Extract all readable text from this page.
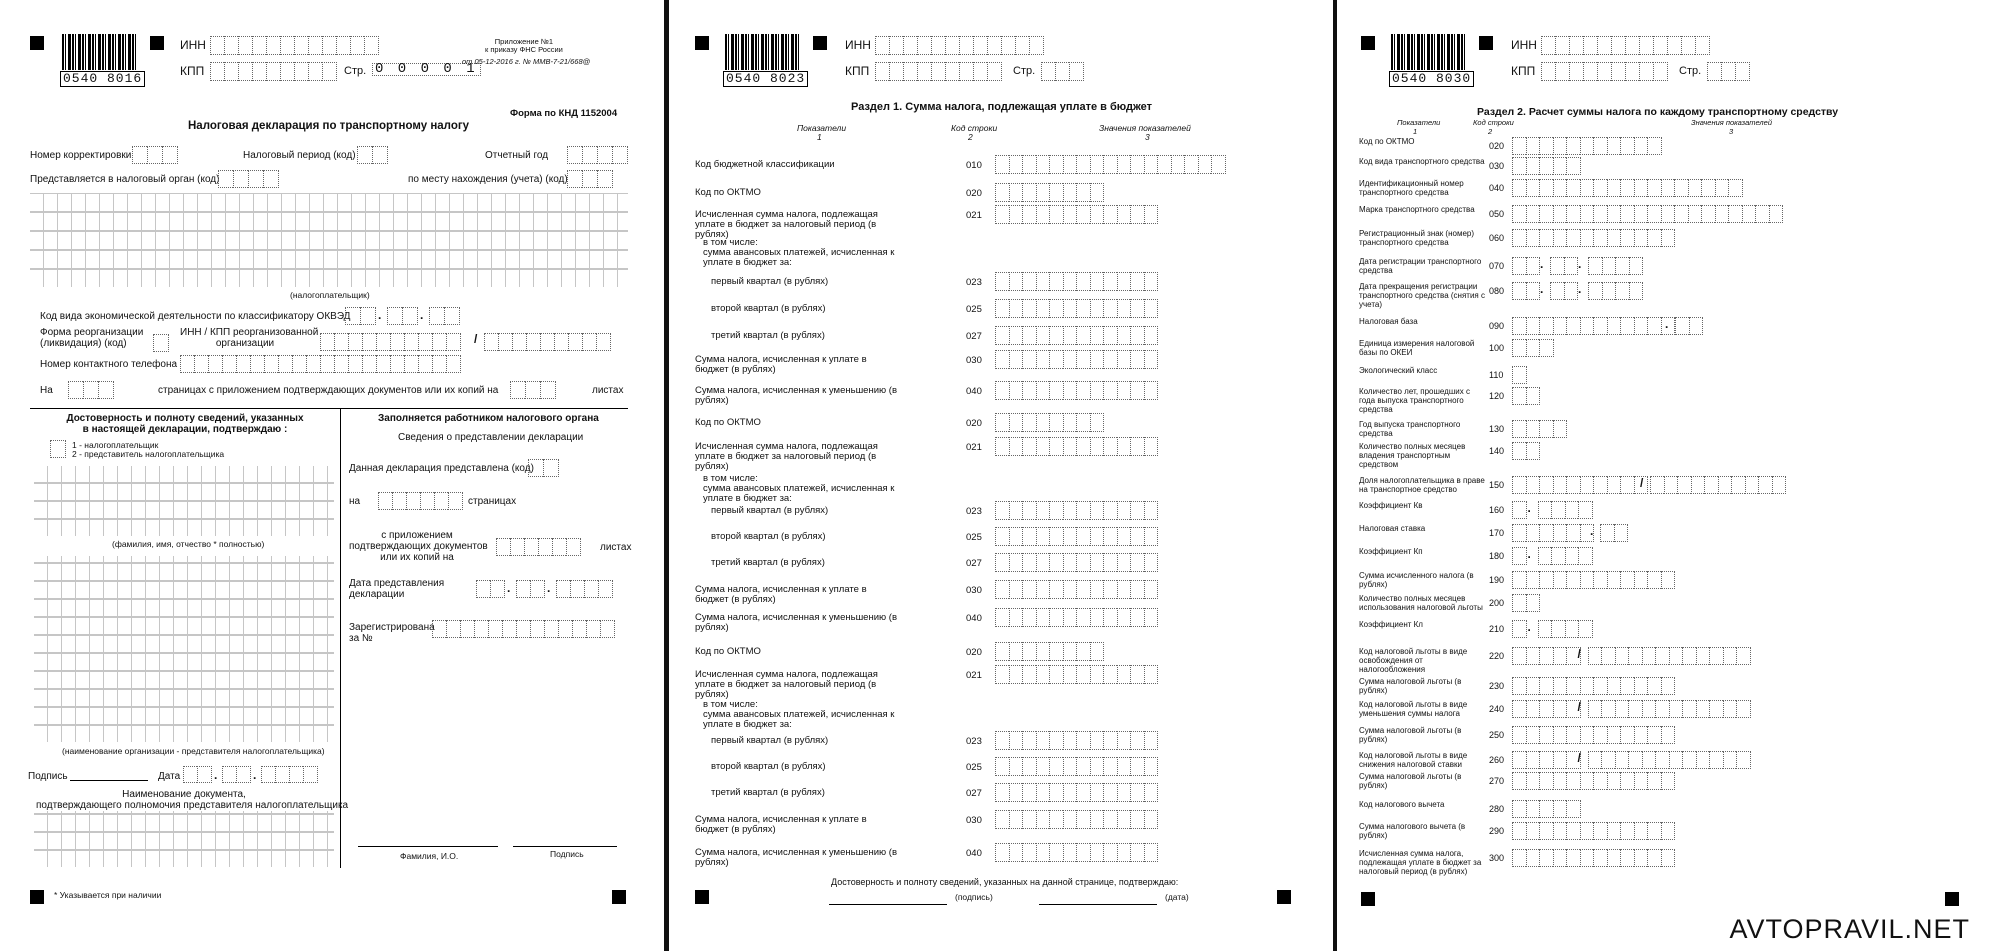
0540 8016
ИНН
КПП	Стр. 0 0 0 0 1
Приложение №1
к приказу ФНС России
от 05-12-2016 г. № ММВ-7-21/668@
Форма по КНД 1152004
Налоговая декларация по транспортному налогу
Номер корректировки	Налоговый период (код)	Отчетный год
Представляется в налоговый орган (код)	по месту нахождения (учета) (код)
(налогоплательщик)
Код вида экономической деятельности по классификатору ОКВЭД .	.
Форма реорганизации
(ликвидация) (код)
ИНН / КПП реорганизованной
организации	/
Номер контактного телефона
На	страницах с приложением подтверждающих документов или их копий на	листах
Достоверность и полноту сведений, указанных
в настоящей декларации, подтверждаю :
1 - налогоплательщик
2 - представитель налогоплательщика
(фамилия, имя, отчество * полностью)
(наименование организации - представителя налогоплательщика)
Подпись	Дата	.	.
Наименование документа,
подтверждающего полномочия представителя налогоплательщика
* Указывается при наличии
Заполняется работником налогового органа
Сведения о представлении декларации
Данная декларация представлена (код)
на	страницах
с приложением
подтверждающих документов
или их копий на
листах
Дата представления
декларации	.	.
Зарегистрирована
за №
Фамилия, И.О.	Подпись
0540 8023
ИНН
КПП	Стр.
Раздел 1. Сумма налога, подлежащая уплате в бюджет
Показатели	Код строки	Значения показателей
1	2	3
Код бюджетной классификации	010
Код по ОКТМО	020
Исчисленная сумма налога, подлежащая уплате в бюджет за налоговый период (в рублях)
021
в том числе:
сумма авансовых платежей, исчисленная к уплате в бюджет за:
первый квартал (в рублях)	023
второй квартал (в рублях)	025
третий квартал (в рублях)	027
Сумма налога, исчисленная к уплате в бюджет (в рублях)
030
Сумма налога, исчисленная к уменьшению (в рублях)
040
Код по ОКТМО	020
Исчисленная сумма налога, подлежащая уплате в бюджет за налоговый период (в рублях)
021
в том числе:
сумма авансовых платежей, исчисленная к уплате в бюджет за:
первый квартал (в рублях)	023
второй квартал (в рублях)	025
третий квартал (в рублях)	027
Сумма налога, исчисленная к уплате в бюджет (в рублях)
030
Сумма налога, исчисленная к уменьшению (в рублях)
040
Код по ОКТМО	020
Исчисленная сумма налога, подлежащая уплате в бюджет за налоговый период (в рублях)
021
в том числе:
сумма авансовых платежей, исчисленная к уплате в бюджет за:
первый квартал (в рублях)	023
второй квартал (в рублях)	025
третий квартал (в рублях)	027
Сумма налога, исчисленная к уплате в бюджет (в рублях)
030
Сумма налога, исчисленная к уменьшению (в рублях)
040
Достоверность и полноту сведений, указанных на данной странице, подтверждаю:
(подпись)	(дата)
0540 8030
ИНН
КПП	Стр.
Раздел 2. Расчет суммы налога по каждому транспортному средству
Показатели	Код строки	Значения показателей
1	2	3
Код по ОКТМО	020
Код вида транспортного средства 030
Идентификационный номер транспортного средства	040
Марка транспортного средства	050
Регистрационный знак (номер) транспортного средства	060
Дата регистрации транспортного средства	070	.	.
Дата прекращения регистрации транспортного средства (снятия с учета)
080	.	.
Налоговая база	090	.
Единица измерения налоговой базы по ОКЕИ	100
Экологический класс	110
Количество лет, прошедших с года выпуска транспортного средства
120
Год выпуска транспортного средства	130
Количество полных месяцев владения транспортным средством
140
Доля налогоплательщика в праве на транспортное средство	150	/
Коэффициент Кв	160 .
Налоговая ставка	170	.
Коэффициент Кп	180 .
Сумма исчисленного налога (в рублях)	190
Количество полных месяцев использования налоговой льготы 200
Коэффициент Кл	210 .
Код налоговой льготы в виде освобождения от налогообложения
220	/
Сумма налоговой льготы (в рублях)	230
Код налоговой льготы в виде уменьшения суммы налога	240	/
Сумма налоговой льготы (в рублях)	250
Код налоговой льготы в виде снижения налоговой ставки	260	/
Сумма налоговой льготы (в рублях)	270
Код налогового вычета	280
Сумма налогового вычета (в рублях)	290
Исчисленная сумма налога, подлежащая уплате в бюджет за налоговый период (в рублях)
300
AVTOPRAVIL.NET
